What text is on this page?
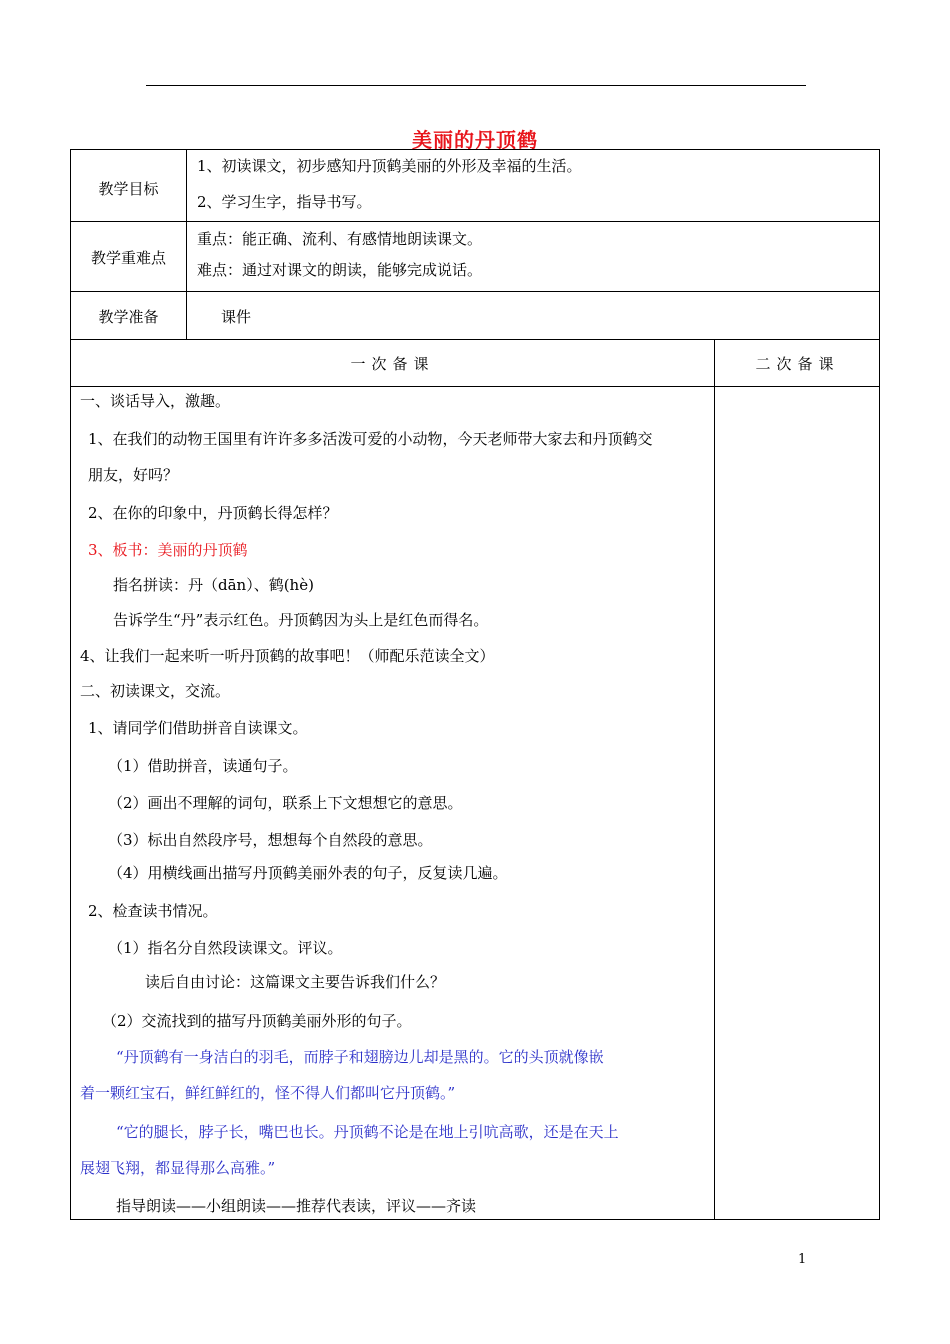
美丽的丹顶鹤
教学目标
1、初读课文，初步感知丹顶鹤美丽的外形及幸福的生活。
2、学习生字，指导书写。
教学重难点
重点：能正确、流利、有感情地朗读课文。
难点：通过对课文的朗读，能够完成说话。
教学准备	课件
一次备课	二次备课
一、谈话导入，激趣。
1、在我们的动物王国里有许许多多活泼可爱的小动物，今天老师带大家去和丹顶鹤交
朋友，好吗？
2、在你的印象中，丹顶鹤长得怎样？
3、板书：美丽的丹顶鹤
指名拼读：丹（dān）、鹤(hè)
告诉学生“丹”表示红色。丹顶鹤因为头上是红色而得名。
4、让我们一起来听一听丹顶鹤的故事吧！（师配乐范读全文）
二、初读课文，交流。
1、请同学们借助拼音自读课文。
（1）借助拼音，读通句子。
（2）画出不理解的词句，联系上下文想想它的意思。
（3）标出自然段序号，想想每个自然段的意思。
（4）用横线画出描写丹顶鹤美丽外表的句子，反复读几遍。
2、检查读书情况。
（1）指名分自然段读课文。评议。
读后自由讨论：这篇课文主要告诉我们什么？
（2）交流找到的描写丹顶鹤美丽外形的句子。
“丹顶鹤有一身洁白的羽毛，而脖子和翅膀边儿却是黑的。它的头顶就像嵌
着一颗红宝石，鲜红鲜红的，怪不得人们都叫它丹顶鹤。”
“它的腿长，脖子长，嘴巴也长。丹顶鹤不论是在地上引吭高歌，还是在天上
展翅飞翔，都显得那么高雅。”
指导朗读——小组朗读——推荐代表读，评议——齐读
1
